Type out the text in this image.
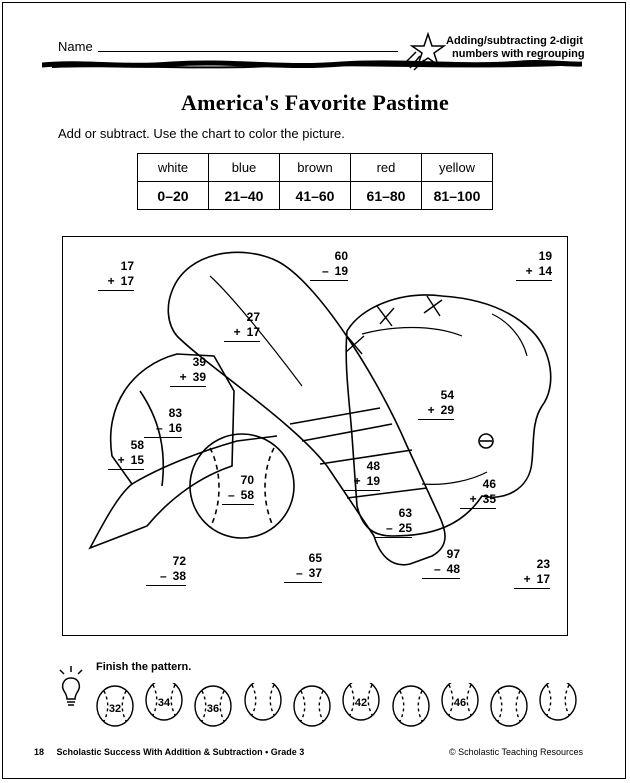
Name	Adding/subtracting 2-digit
numbers with regrouping
America's Favorite Pastime
Add or subtract. Use the chart to color the picture.
white	blue	brown	red	yellow
0–20	21–40	41–60	61–80	81–100
17
+ 17
60
– 19
19
+ 14
27
+ 17
39
+ 39
83
– 16
54
+ 29
58
+ 15
70
– 58
48
+ 19	46
+ 35
63
– 25
72
– 38
65
– 37
97
– 48	23
+ 17
Finish the pattern.
32	34	36	42	46
18 Scholastic Success With Addition & Subtraction • Grade 3	© Scholastic Teaching Resources
